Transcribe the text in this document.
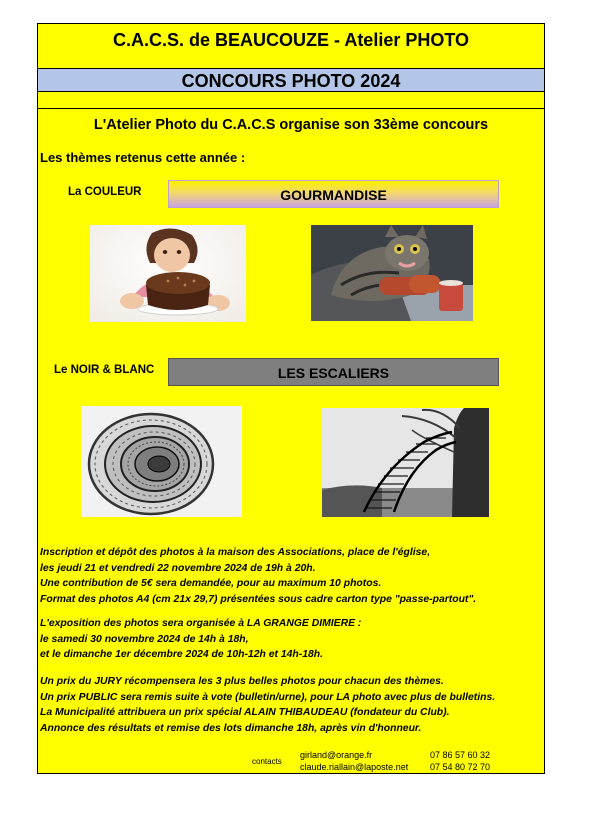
C.A.C.S. de BEAUCOUZE - Atelier PHOTO
CONCOURS PHOTO 2024
L'Atelier Photo du C.A.C.S organise son 33ème concours
Les thèmes retenus cette année :
La COULEUR	GOURMANDISE
Le NOIR & BLANC	LES ESCALIERS
Inscription et dépôt des photos à la maison des Associations, place de l'église,
les jeudi 21 et vendredi 22 novembre 2024 de 19h à 20h.
Une contribution de 5€ sera demandée, pour au maximum 10 photos.
Format des photos A4 (cm 21x 29,7) présentées sous cadre carton type "passe-partout".
L'exposition des photos sera organisée à LA GRANGE DIMIERE :
le samedi 30 novembre 2024 de 14h à 18h,
et le dimanche 1er décembre 2024 de 10h-12h et 14h-18h.
Un prix du JURY récompensera les 3 plus belles photos pour chacun des thèmes.
Un prix PUBLIC sera remis suite à vote (bulletin/urne), pour LA photo avec plus de bulletins.
La Municipalité attribuera un prix spécial ALAIN THIBAUDEAU (fondateur du Club).
Annonce des résultats et remise des lots dimanche 18h, après vin d'honneur.
contacts
girland@orange.fr
claude.riallain@laposte.net
07 86 57 60 32
07 54 80 72 70
